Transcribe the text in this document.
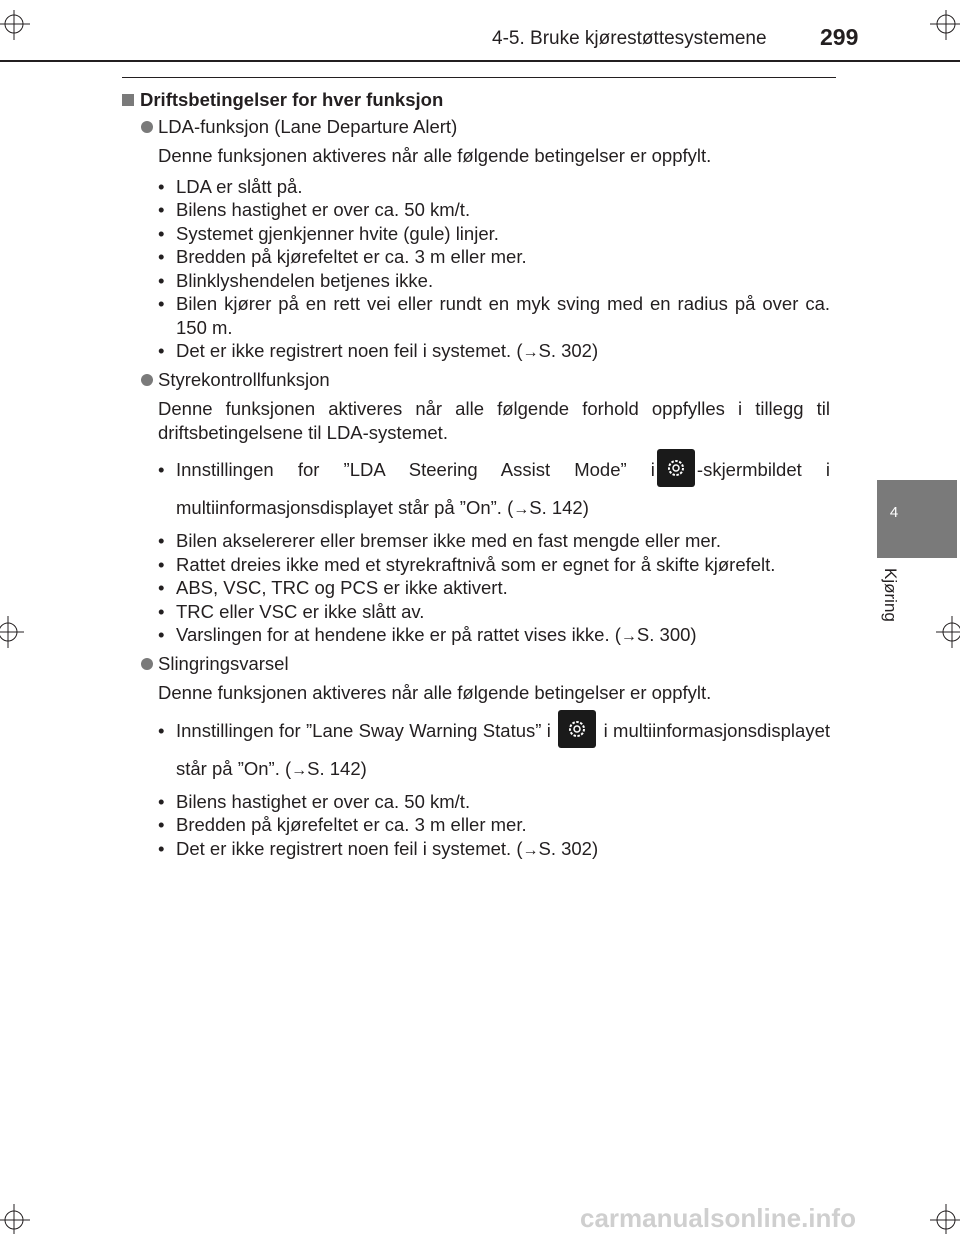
4-5. Bruke kjørestøttesystemene 299
4
Kjøring
Driftsbetingelser for hver funksjon
LDA-funksjon (Lane Departure Alert)
Denne funksjonen aktiveres når alle følgende betingelser er oppfylt.
• LDA er slått på.
• Bilens hastighet er over ca. 50 km/t.
• Systemet gjenkjenner hvite (gule) linjer.
• Bredden på kjørefeltet er ca. 3 m eller mer.
• Blinklyshendelen betjenes ikke.
• Bilen kjører på en rett vei eller rundt en myk sving med en radius på over ca. 150 m.
• Det er ikke registrert noen feil i systemet. (→S. 302)
Styrekontrollfunksjon
Denne funksjonen aktiveres når alle følgende forhold oppfylles i tillegg til driftsbetingelsene til LDA-systemet.
• Innstillingen for ”LDA Steering Assist Mode” i -skjermbildet i multiinformasjonsdisplayet står på ”On”. (→S. 142)
• Bilen akselererer eller bremser ikke med en fast mengde eller mer.
• Rattet dreies ikke med et styrekraftnivå som er egnet for å skifte kjørefelt.
• ABS, VSC, TRC og PCS er ikke aktivert.
• TRC eller VSC er ikke slått av.
• Varslingen for at hendene ikke er på rattet vises ikke. (→S. 300)
Slingringsvarsel
Denne funksjonen aktiveres når alle følgende betingelser er oppfylt.
• Innstillingen for ”Lane Sway Warning Status” i	i multiinformasjonsdisplayet står på ”On”. (→S. 142)
• Bilens hastighet er over ca. 50 km/t.
• Bredden på kjørefeltet er ca. 3 m eller mer.
• Det er ikke registrert noen feil i systemet. (→S. 302)
carmanualsonline.info
